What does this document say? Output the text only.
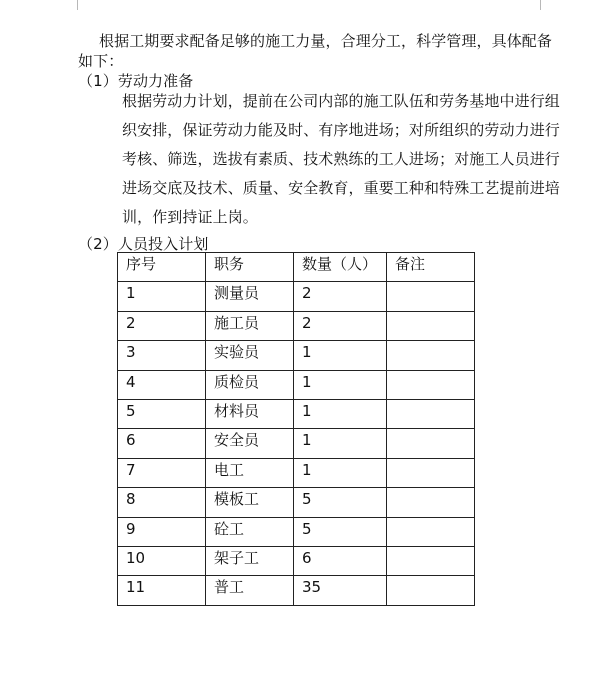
根据工期要求配备足够的施工力量，合理分工，科学管理，具体配备
如下：
（1）劳动力准备
根据劳动力计划，提前在公司内部的施工队伍和劳务基地中进行组
织安排，保证劳动力能及时、有序地进场；对所组织的劳动力进行
考核、筛选，选拔有素质、技术熟练的工人进场；对施工人员进行
进场交底及技术、质量、安全教育，重要工种和特殊工艺提前进培
训，作到持证上岗。
（2）人员投入计划
序号	职务	数量（人）	备注
1	测量员	2	
2	施工员	2	
3	实验员	1	
4	质检员	1	
5	材料员	1	
6	安全员	1	
7	电工	1	
8	模板工	5	
9	砼工	5	
10	架子工	6	
11	普工	35	
